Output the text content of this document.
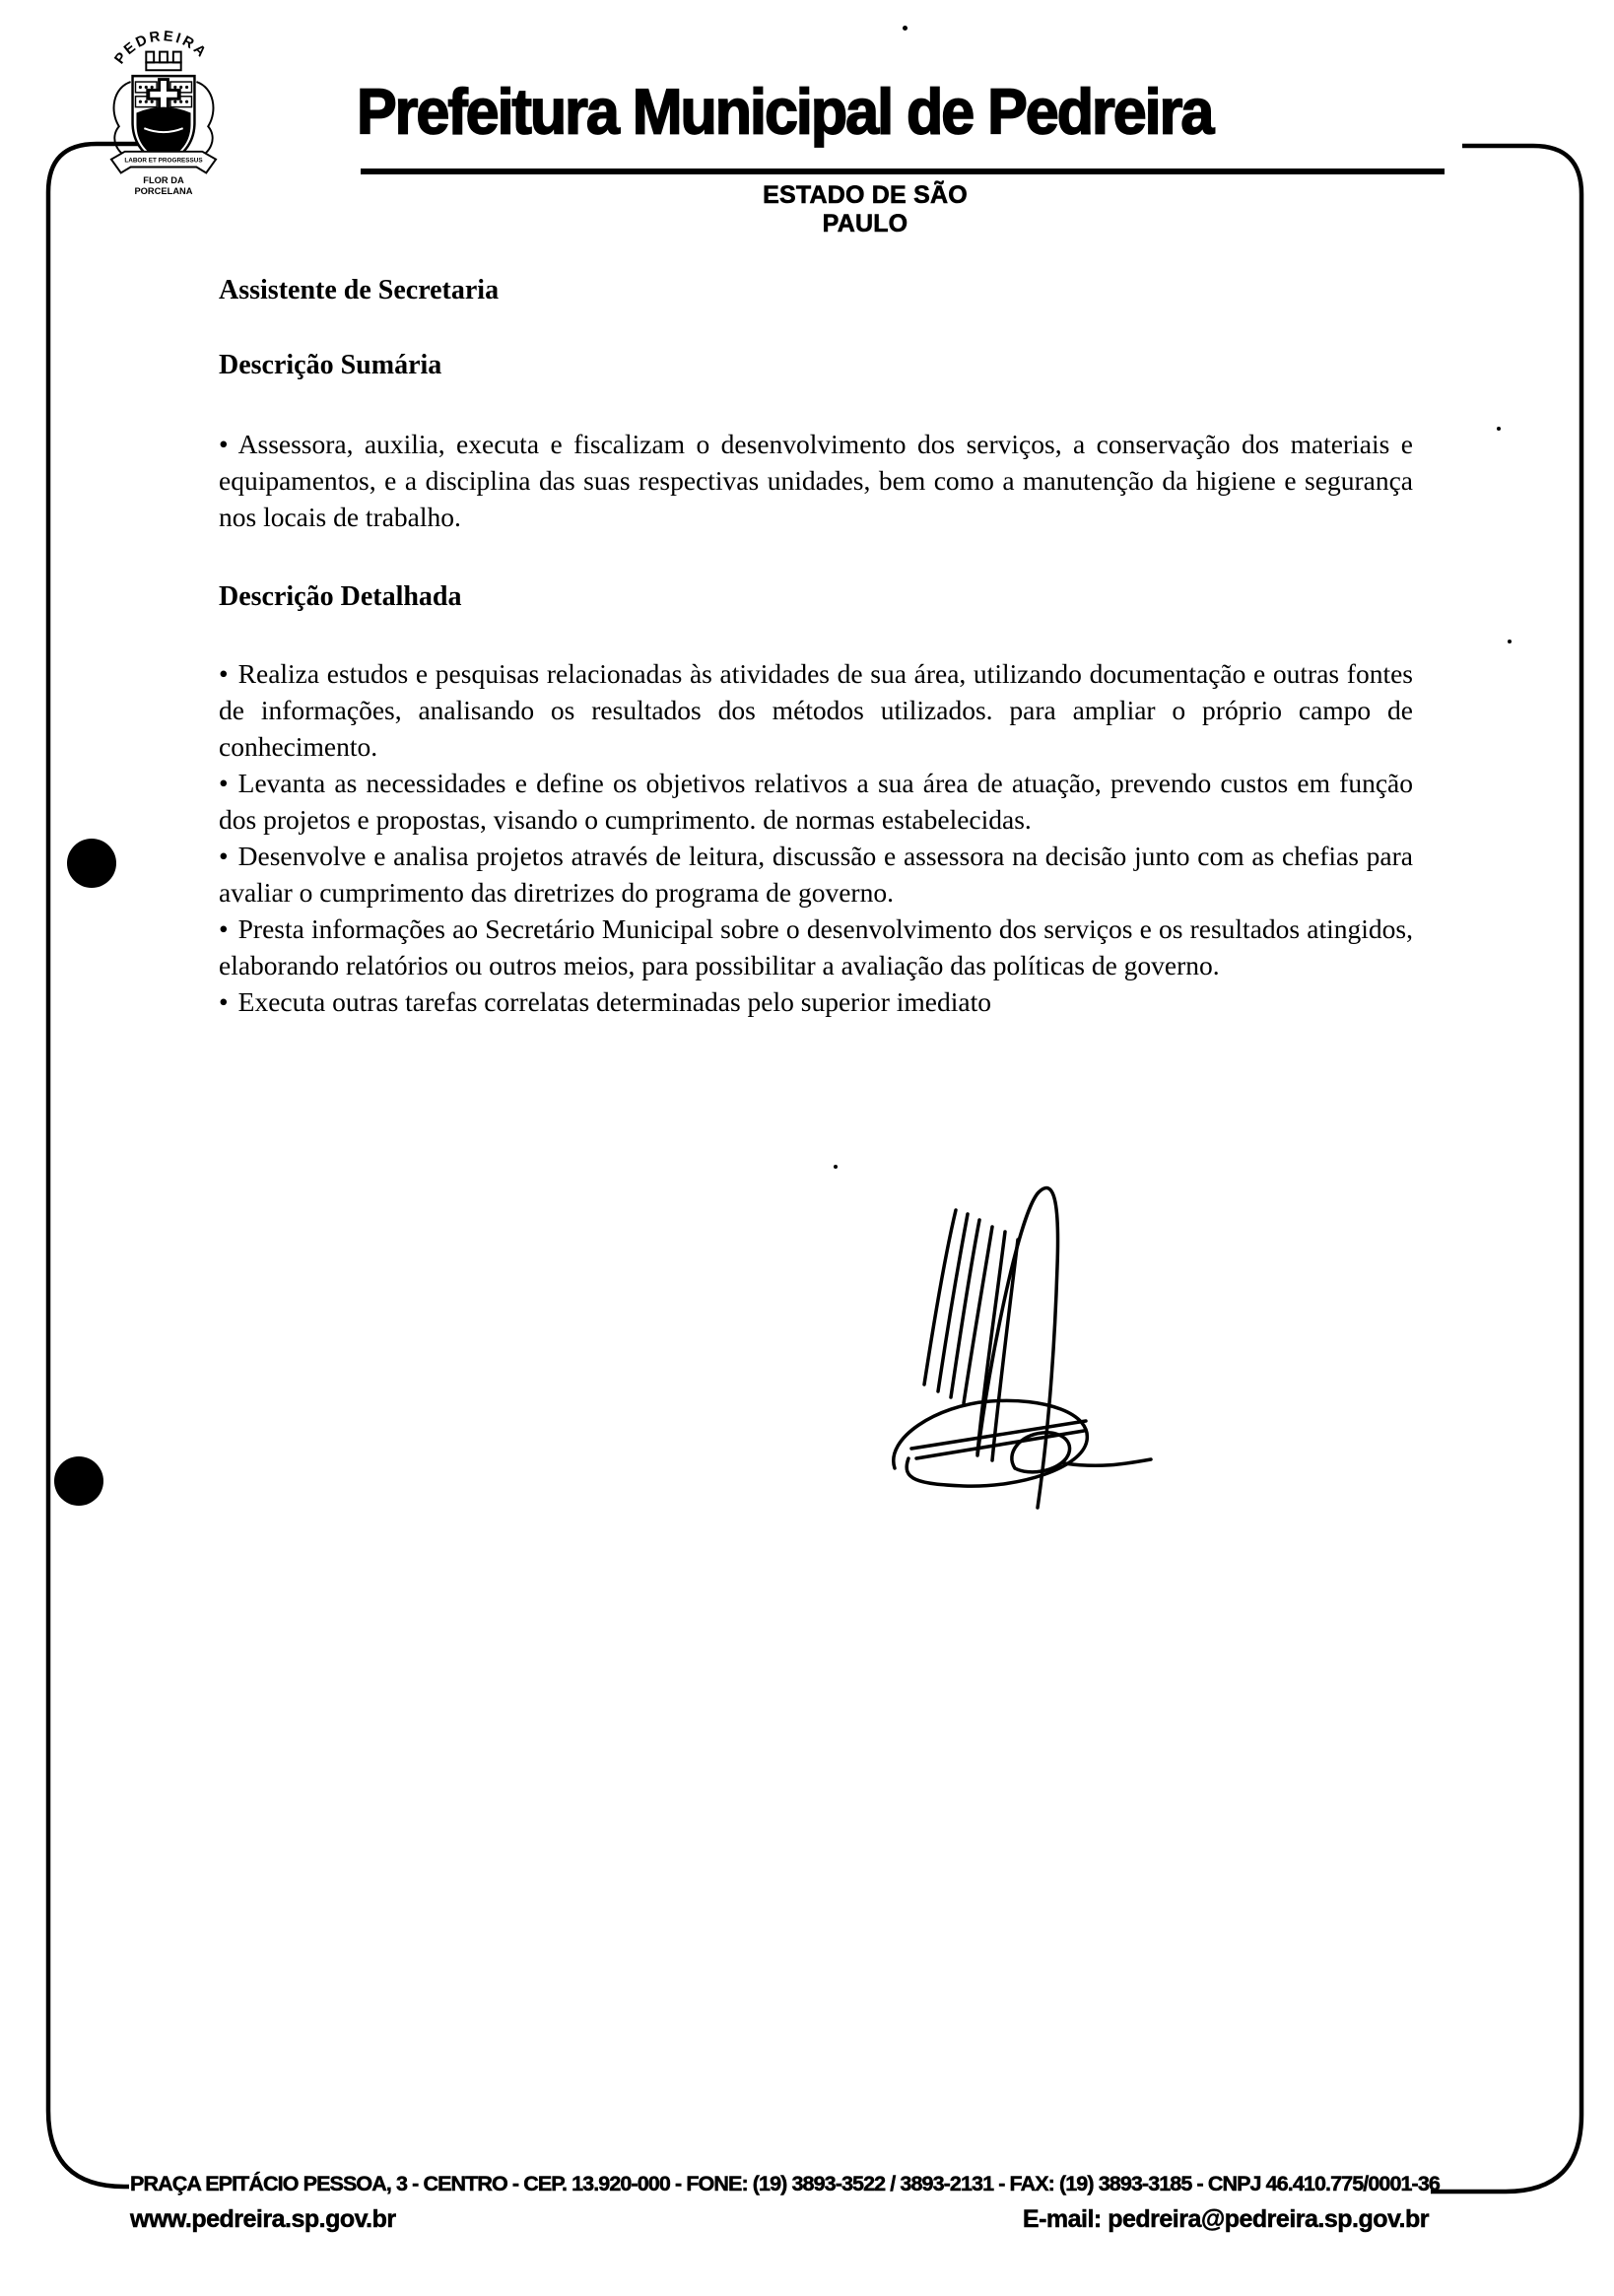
PEDREIRA
LABOR ET PROGRESSUS
FLOR DA
PORCELANA
Prefeitura Municipal de Pedreira
ESTADO DE SÃO PAULO
Assistente de Secretaria
Descrição Sumária

• Assessora, auxilia, executa e fiscalizam o desenvolvimento dos serviços, a conservação dos materiais e equipamentos, e a disciplina das suas respectivas unidades, bem como a manutenção da higiene e segurança nos locais de trabalho.

Descrição Detalhada

• Realiza estudos e pesquisas relacionadas às atividades de sua área, utilizando documentação e outras fontes de informações, analisando os resultados dos métodos utilizados. para ampliar o próprio campo de conhecimento.

• Levanta as necessidades e define os objetivos relativos a sua área de atuação, prevendo custos em função dos projetos e propostas, visando o cumprimento. de normas estabelecidas.

• Desenvolve e analisa projetos através de leitura, discussão e assessora na decisão junto com as chefias para avaliar o cumprimento das diretrizes do programa de governo.

• Presta informações ao Secretário Municipal sobre o desenvolvimento dos serviços e os resultados atingidos, elaborando relatórios ou outros meios, para possibilitar a avaliação das políticas de governo.

• Executa outras tarefas correlatas determinadas pelo superior imediato

PRAÇA EPITÁCIO PESSOA, 3 - CENTRO - CEP. 13.920-000 - FONE: (19) 3893-3522 / 3893-2131 - FAX: (19) 3893-3185 - CNPJ 46.410.775/0001-36
www.pedreira.sp.gov.br	E-mail: pedreira@pedreira.sp.gov.br
